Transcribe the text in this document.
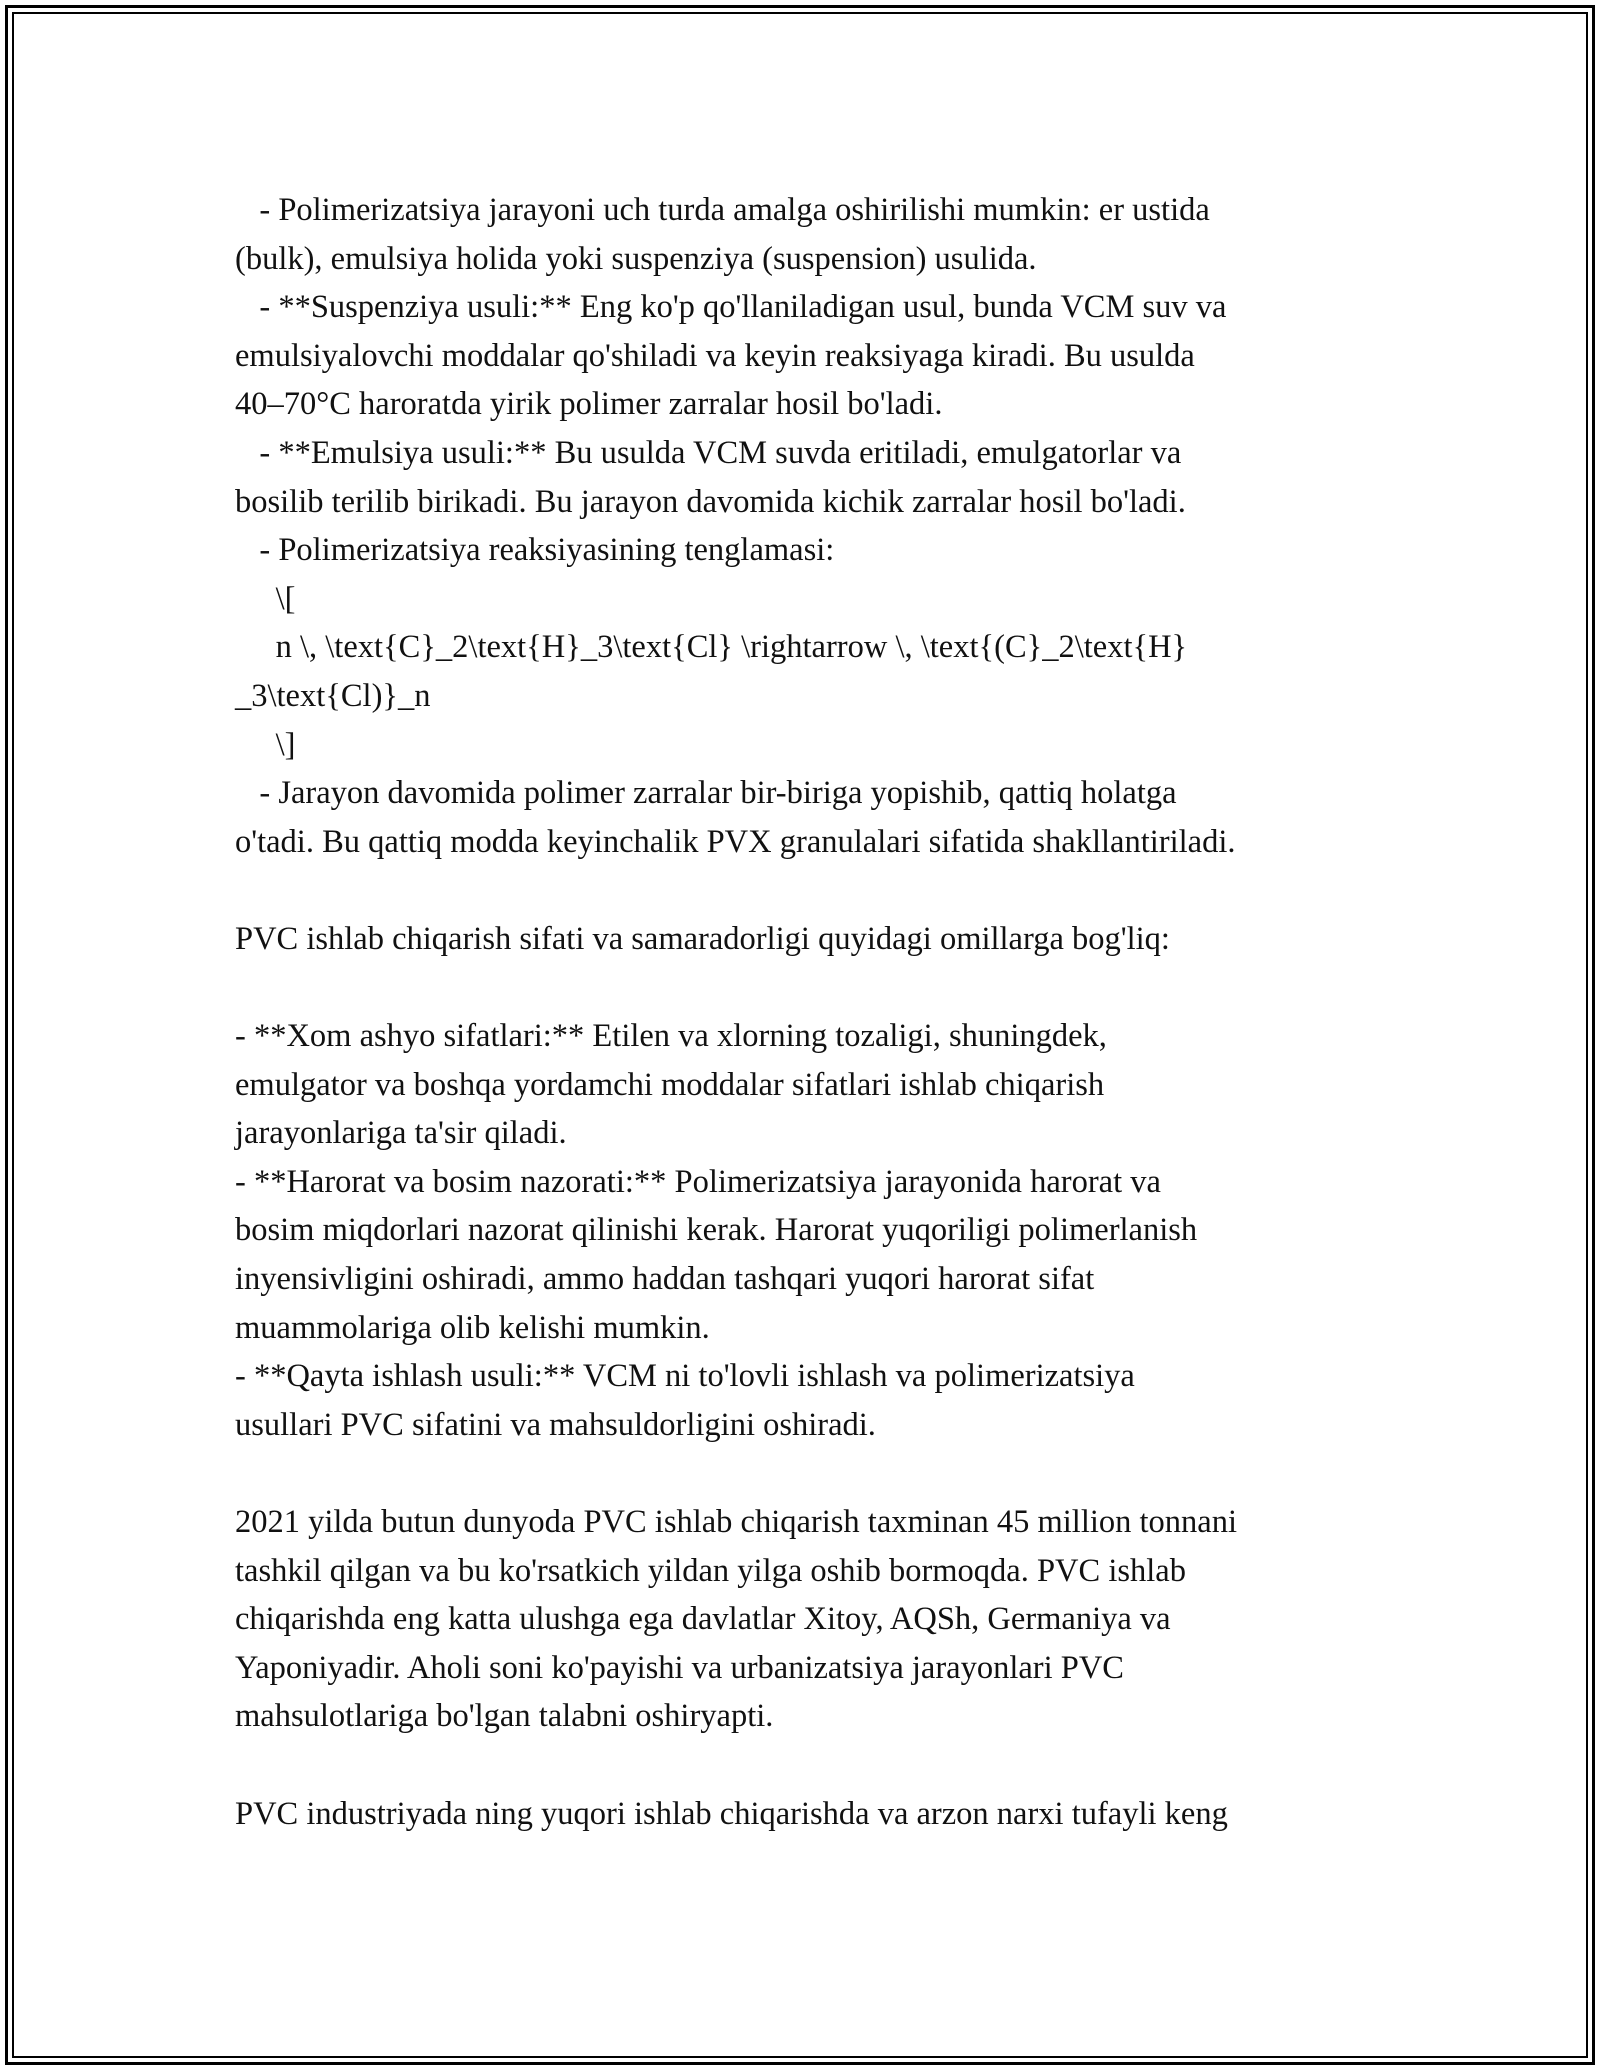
- Polimerizatsiya jarayoni uch turda amalga oshirilishi mumkin: er ustida
(bulk), emulsiya holida yoki suspenziya (suspension) usulida.
- **Suspenziya usuli:** Eng ko'p qo'llaniladigan usul, bunda VCM suv va
emulsiyalovchi moddalar qo'shiladi va keyin reaksiyaga kiradi. Bu usulda
40–70°C haroratda yirik polimer zarralar hosil bo'ladi.
- **Emulsiya usuli:** Bu usulda VCM suvda eritiladi, emulgatorlar va
bosilib terilib birikadi. Bu jarayon davomida kichik zarralar hosil bo'ladi.
- Polimerizatsiya reaksiyasining tenglamasi:
\[
n \, \text{C}_2\text{H}_3\text{Cl} \rightarrow \, \text{(C}_2\text{H}
_3\text{Cl)}_n
\]
- Jarayon davomida polimer zarralar bir-biriga yopishib, qattiq holatga
o'tadi. Bu qattiq modda keyinchalik PVX granulalari sifatida shakllantiriladi.
PVC ishlab chiqarish sifati va samaradorligi quyidagi omillarga bog'liq:
- **Xom ashyo sifatlari:** Etilen va xlorning tozaligi, shuningdek,
emulgator va boshqa yordamchi moddalar sifatlari ishlab chiqarish
jarayonlariga ta'sir qiladi.
- **Harorat va bosim nazorati:** Polimerizatsiya jarayonida harorat va
bosim miqdorlari nazorat qilinishi kerak. Harorat yuqoriligi polimerlanish
inyensivligini oshiradi, ammo haddan tashqari yuqori harorat sifat
muammolariga olib kelishi mumkin.
- **Qayta ishlash usuli:** VCM ni to'lovli ishlash va polimerizatsiya
usullari PVC sifatini va mahsuldorligini oshiradi.
2021 yilda butun dunyoda PVC ishlab chiqarish taxminan 45 million tonnani
tashkil qilgan va bu ko'rsatkich yildan yilga oshib bormoqda. PVC ishlab
chiqarishda eng katta ulushga ega davlatlar Xitoy, AQSh, Germaniya va
Yaponiyadir. Aholi soni ko'payishi va urbanizatsiya jarayonlari PVC
mahsulotlariga bo'lgan talabni oshiryapti.
PVC industriyada ning yuqori ishlab chiqarishda va arzon narxi tufayli keng
